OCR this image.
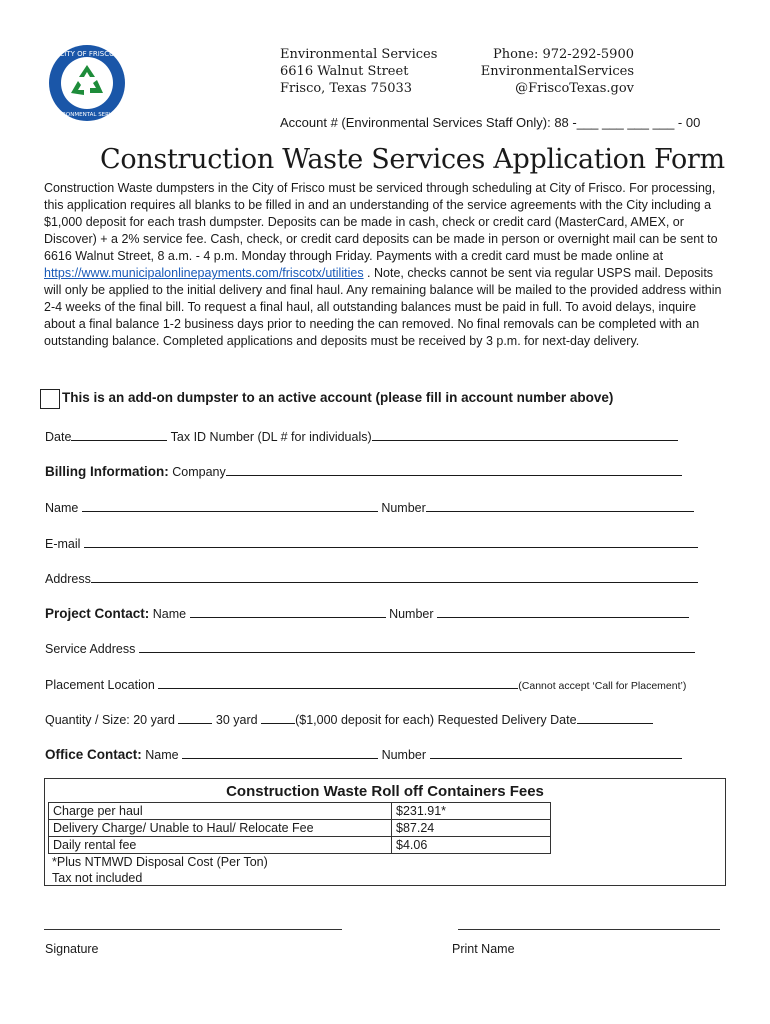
CITY OF FRISCO
ENVIRONMENTAL SERVICES
Environmental Services
6616 Walnut Street
Frisco, Texas 75033
Phone: 972-292-5900
EnvironmentalServices
@FriscoTexas.gov
Account # (Environmental Services Staff Only): 88 -___ ___ ___ ___ - 00
Construction Waste Services Application Form
Construction Waste dumpsters in the City of Frisco must be serviced through scheduling at City of Frisco. For processing, this application requires all blanks to be filled in and an understanding of the service agreements with the City including a $1,000 deposit for each trash dumpster. Deposits can be made in cash, check or credit card (MasterCard, AMEX, or Discover) + a 2% service fee. Cash, check, or credit card deposits can be made in person or overnight mail can be sent to 6616 Walnut Street, 8 a.m. - 4 p.m. Monday through Friday. Payments with a credit card must be made online at https://www.municipalonlinepayments.com/friscotx/utilities . Note, checks cannot be sent via regular USPS mail. Deposits will only be applied to the initial delivery and final haul. Any remaining balance will be mailed to the provided address within 2-4 weeks of the final bill. To request a final haul, all outstanding balances must be paid in full. To avoid delays, inquire about a final balance 1-2 business days prior to needing the can removed. No final removals can be completed with an outstanding balance. Completed applications and deposits must be received by 3 p.m. for next-day delivery.
This is an add-on dumpster to an active account (please fill in account number above)
Date	Tax ID Number (DL # for individuals)
Billing Information: Company
Name	Number
E-mail
Address
Project Contact: Name	Number
Service Address
Placement Location	(Cannot accept ‘Call for Placement’)
Quantity / Size: 20 yard	30 yard	($1,000 deposit for each) Requested Delivery Date
Office Contact: Name	Number
Construction Waste Roll off Containers Fees
Charge per haul	$231.91*
Delivery Charge/ Unable to Haul/ Relocate Fee	$87.24
Daily rental fee	$4.06
*Plus NTMWD Disposal Cost (Per Ton)
Tax not included
Signature	Print Name
